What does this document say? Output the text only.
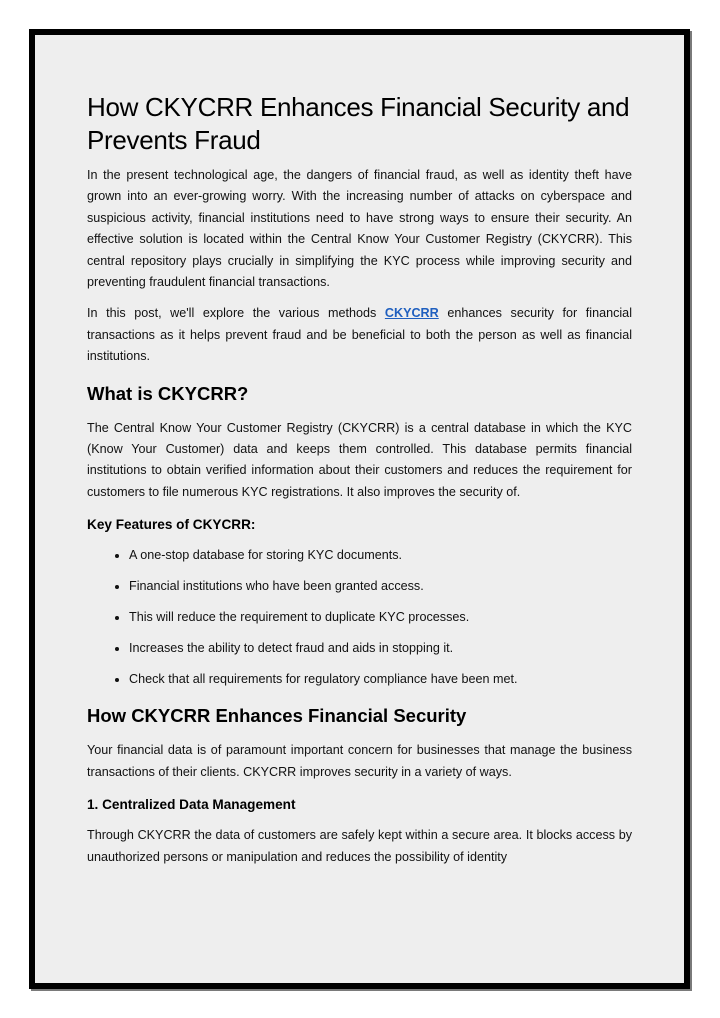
How CKYCRR Enhances Financial Security and Prevents Fraud

In the present technological age, the dangers of financial fraud, as well as identity theft have grown into an ever-growing worry. With the increasing number of attacks on cyberspace and suspicious activity, financial institutions need to have strong ways to ensure their security. An effective solution is located within the Central Know Your Customer Registry (CKYCRR). This central repository plays crucially in simplifying the KYC process while improving security and preventing fraudulent financial transactions.

In this post, we'll explore the various methods CKYCRR enhances security for financial transactions as it helps prevent fraud and be beneficial to both the person as well as financial institutions.

What is CKYCRR?

The Central Know Your Customer Registry (CKYCRR) is a central database in which the KYC (Know Your Customer) data and keeps them controlled. This database permits financial institutions to obtain verified information about their customers and reduces the requirement for customers to file numerous KYC registrations. It also improves the security of.

Key Features of CKYCRR:
• A one-stop database for storing KYC documents.
• Financial institutions who have been granted access.
• This will reduce the requirement to duplicate KYC processes.
• Increases the ability to detect fraud and aids in stopping it.
• Check that all requirements for regulatory compliance have been met.
How CKYCRR Enhances Financial Security

Your financial data is of paramount important concern for businesses that manage the business transactions of their clients. CKYCRR improves security in a variety of ways.

1. Centralized Data Management

Through CKYCRR the data of customers are safely kept within a secure area. It blocks access by unauthorized persons or manipulation and reduces the possibility of identity
